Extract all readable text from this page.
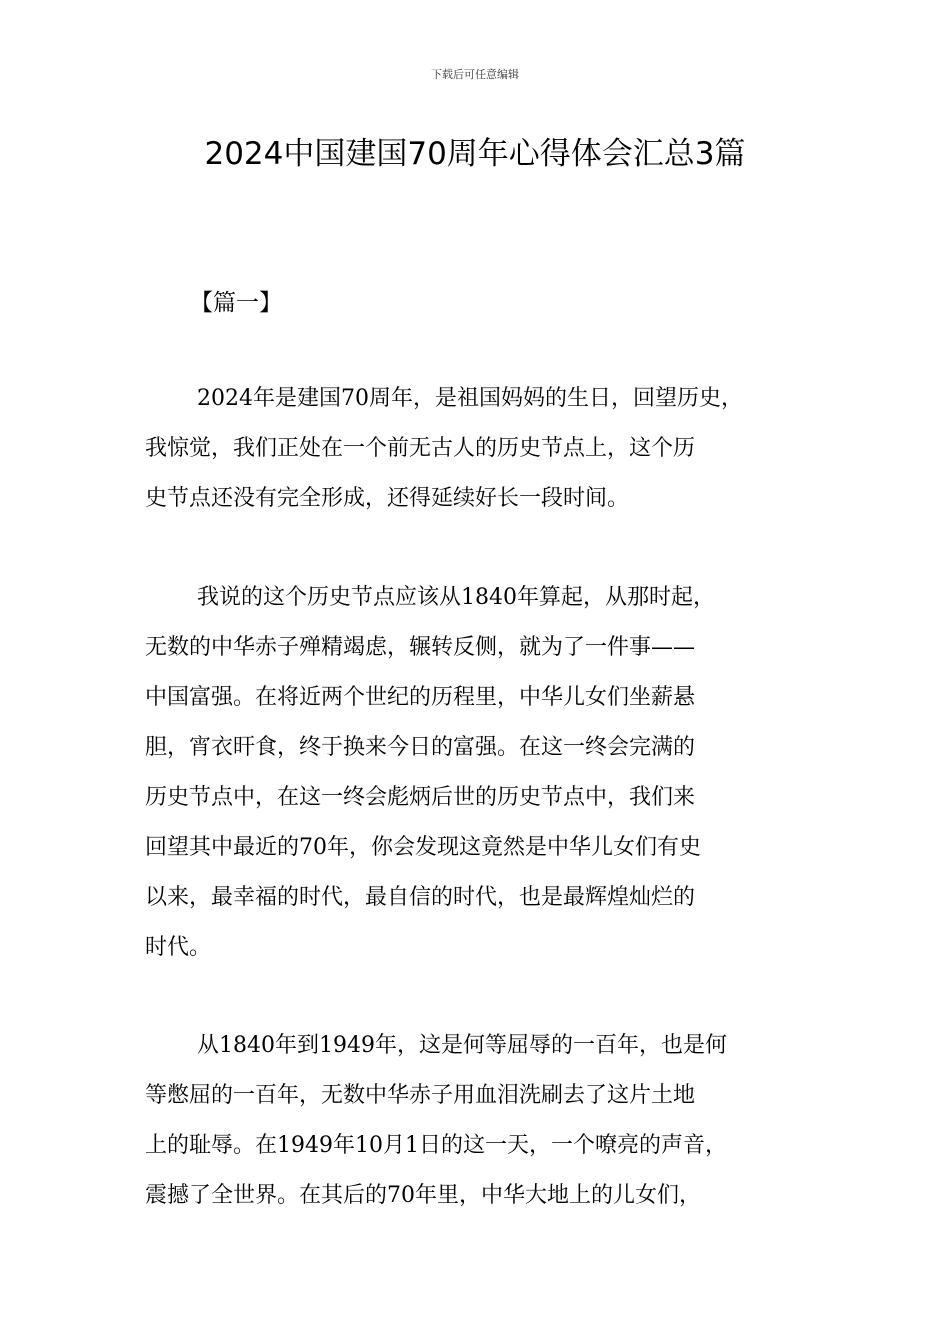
下载后可任意编辑
2024中国建国70周年心得体会汇总3篇
【篇一】
2024年是建国70周年，是祖国妈妈的生日，回望历史，
我惊觉，我们正处在一个前无古人的历史节点上，这个历
史节点还没有完全形成，还得延续好长一段时间。
我说的这个历史节点应该从1840年算起，从那时起，
无数的中华赤子殚精竭虑，辗转反侧，就为了一件事——
中国富强。在将近两个世纪的历程里，中华儿女们坐薪悬
胆，宵衣旰食，终于换来今日的富强。在这一终会完满的
历史节点中，在这一终会彪炳后世的历史节点中，我们来
回望其中最近的70年，你会发现这竟然是中华儿女们有史
以来，最幸福的时代，最自信的时代，也是最辉煌灿烂的
时代。
从1840年到1949年，这是何等屈辱的一百年，也是何
等憋屈的一百年，无数中华赤子用血泪洗刷去了这片土地
上的耻辱。在1949年10月1日的这一天，一个嘹亮的声音，
震撼了全世界。在其后的70年里，中华大地上的儿女们，
